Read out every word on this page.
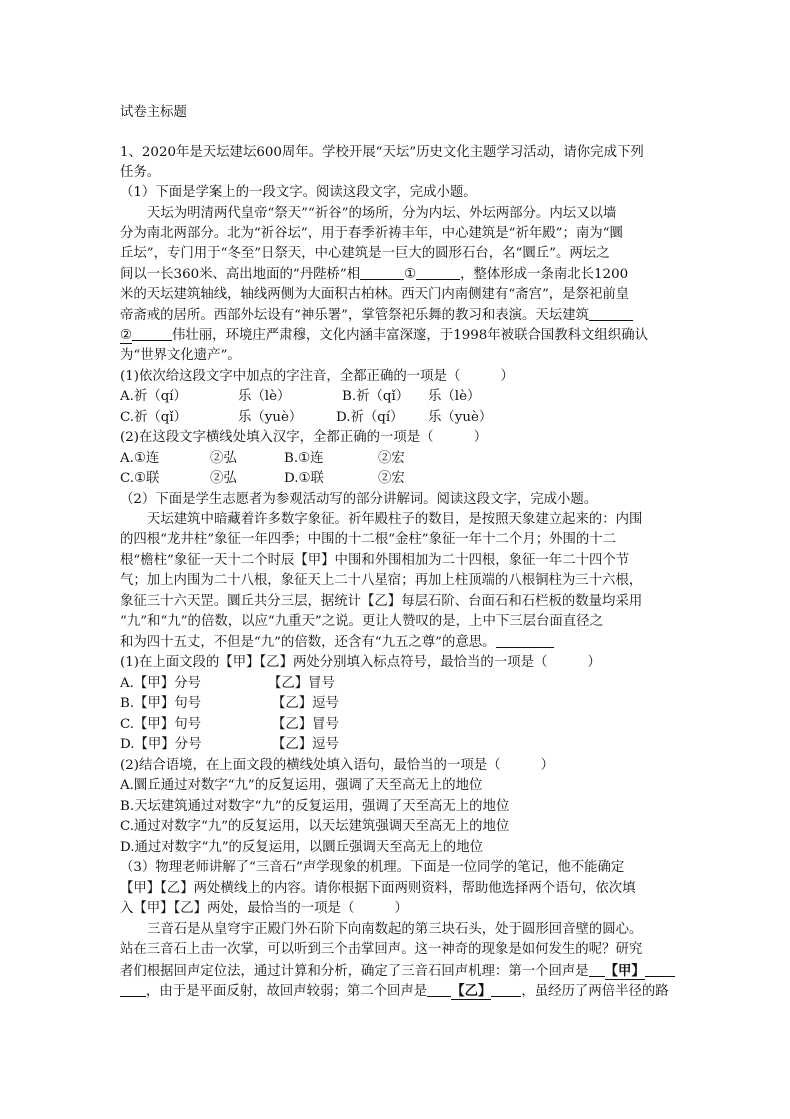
试卷主标题
1、2020年是天坛建坛600周年。学校开展“天坛”历史文化主题学习活动，请你完成下列
任务。
（1）下面是学案上的一段文字。阅读这段文字，完成小题。
天坛为明清两代皇帝“祭天”“祈谷”的场所，分为内坛、外坛两部分。内坛又以墙
分为南北两部分。北为“祈谷坛”，用于春季祈祷丰年，中心建筑是“祈年殿”；南为“圜
丘坛”，专门用于“冬至”日祭天，中心建筑是一巨大的圆形石台，名“圜丘”。两坛之
间以一长360米、高出地面的“丹陛桥”相	①	，整体形成一条南北长1200
米的天坛建筑轴线，轴线两侧为大面积古柏林。西天门内南侧建有“斋宫”，是祭祀前皇
帝斋戒的居所。西部外坛设有“神乐署”，掌管祭祀乐舞的教习和表演。天坛建筑
②	伟壮丽，环境庄严肃穆，文化内涵丰富深邃，于1998年被联合国教科文组织确认
为“世界文化遗产”。
(1)依次给这段文字中加点的字注音，全都正确的一项是（　　　）
A.祈（qí）	乐（lè）	B.祈（qǐ） 乐（lè）
C.祈（qǐ）	乐（yuè）	D.祈（qí） 乐（yuè）
(2)在这段文字横线处填入汉字，全都正确的一项是（　　　）
A.①连	②弘	B.①连	②宏
C.①联	②弘	D.①联	②宏
（2）下面是学生志愿者为参观活动写的部分讲解词。阅读这段文字，完成小题。
天坛建筑中暗藏着许多数字象征。祈年殿柱子的数目，是按照天象建立起来的：内围
的四根“龙井柱”象征一年四季；中围的十二根“金柱”象征一年十二个月；外围的十二
根“檐柱”象征一天十二个时辰【甲】中围和外围相加为二十四根，象征一年二十四个节
气；加上内围为二十八根，象征天上二十八星宿；再加上柱顶端的八根铜柱为三十六根，
象征三十六天罡。圜丘共分三层，据统计【乙】每层石阶、台面石和石栏板的数量均采用
“九”和“九”的倍数，以应“九重天”之说。更让人赞叹的是，上中下三层台面直径之
和为四十五丈，不但是“九”的倍数，还含有“九五之尊”的意思。
(1)在上面文段的【甲】【乙】两处分别填入标点符号，最恰当的一项是（　　　）
A.【甲】分号	【乙】冒号
B.【甲】句号	【乙】逗号
C.【甲】句号	【乙】冒号
D.【甲】分号	【乙】逗号
(2)结合语境，在上面文段的横线处填入语句，最恰当的一项是（　　　）
A.圜丘通过对数字“九”的反复运用，强调了天至高无上的地位
B.天坛建筑通过对数字“九”的反复运用，强调了天至高无上的地位
C.通过对数字“九”的反复运用，以天坛建筑强调天至高无上的地位
D.通过对数字“九”的反复运用，以圜丘强调天至高无上的地位
（3）物理老师讲解了“三音石”声学现象的机理。下面是一位同学的笔记，他不能确定
【甲】【乙】两处横线上的内容。请你根据下面两则资料，帮助他选择两个语句，依次填
入【甲】【乙】两处，最恰当的一项是（　　　）
三音石是从皇穹宇正殿门外石阶下向南数起的第三块石头，处于圆形回音壁的圆心。
站在三音石上击一次掌，可以听到三个击掌回声。这一神奇的现象是如何发生的呢？研究
者们根据回声定位法，通过计算和分析，确定了三音石回声机理：第一个回声是 【甲】
，由于是平面反射，故回声较弱；第二个回声是 【乙】 ，虽经历了两倍半径的路
